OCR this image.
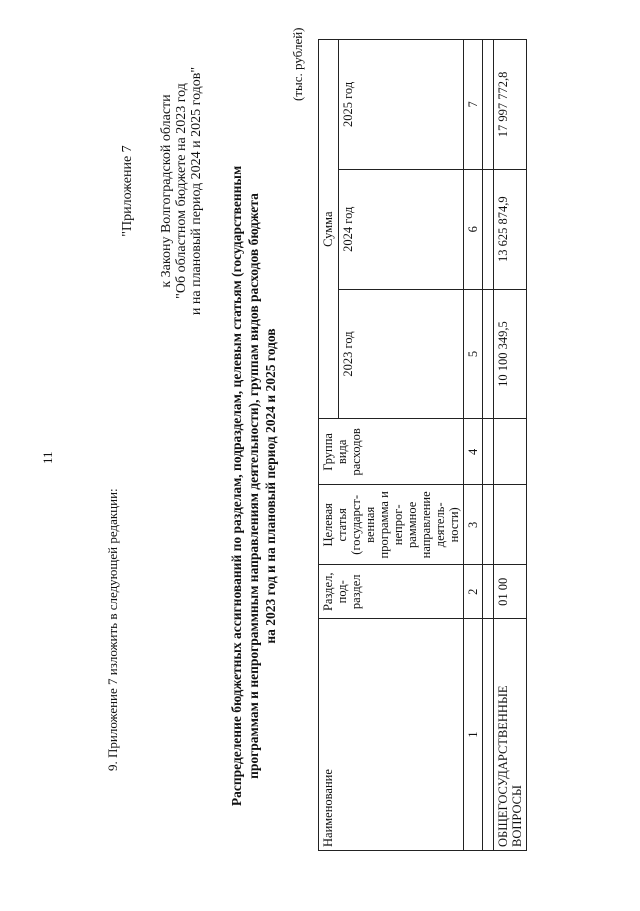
11
9. Приложение 7 изложить в следующей редакции:
"Приложение 7 к Закону Волгоградской области "Об областном бюджете на 2023 год и на плановый период 2024 и 2025 годов" Распределение бюджетных ассигнований по разделам, подразделам, целевым статьям (государственным программам и непрограммным направлениям деятельности), группам видов расходов бюджета на 2023 год и на плановый период 2024 и 2025 годов
(тыс. рублей)
Наименование	Раздел, под- раздел	Целевая статья (государст- венная программа и непрог- раммное направление деятель- ности)	Группа вида расходов	Сумма		
				2023 год	2024 год	2025 год
1	2	3	4	5	6	7

ОБЩЕГОСУДАРСТВЕННЫЕ ВОПРОСЫ	01 00			10 100 349,5	13 625 874,9	17 997 772,8
